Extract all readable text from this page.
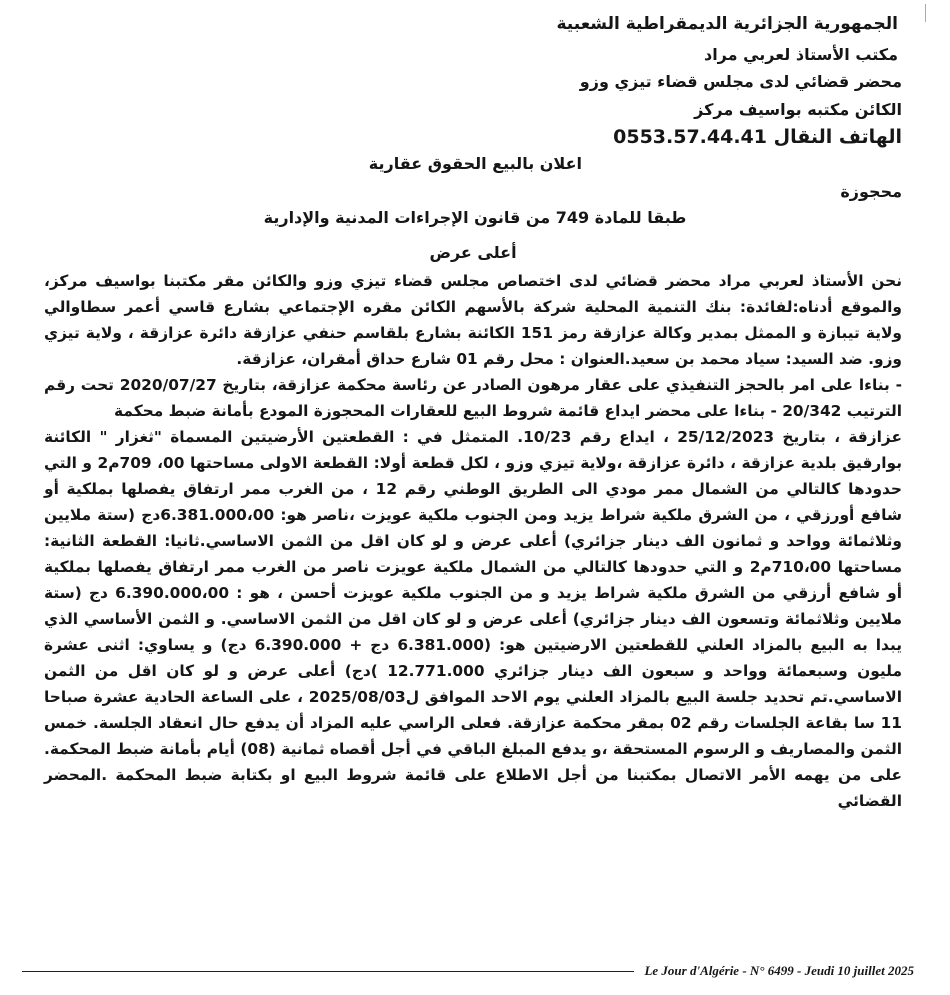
الجمهورية الجزائرية الديمقراطية الشعبية
مكتب الأستاذ لعربي مراد
محضر قضائي لدى مجلس قضاء تيزي وزو
الكائن مكتبه بواسيف مركز
الهاتف النقال 0553.57.44.41
اعلان بالبيع الحقوق عقارية
محجوزة
طبقا للمادة 749 من قانون الإجراءات المدنية والإدارية

أعلى عرض

نحن الأستاذ لعربي مراد محضر قضائي لدى اختصاص مجلس قضاء تيزي وزو والكائن مقر مكتبنا بواسيف مركز، والموقع أدناه:لفائدة: بنك التنمية المحلية شركة بالأسهم الكائن مقره الإجتماعي بشارع قاسي أعمر سطاوالي ولاية تيبازة و الممثل بمدير وكالة عزازقة رمز 151 الكائنة بشارع بلقاسم حنفي عزازقة دائرة عزازقة ، ولاية تيزي وزو. ضد السيد: سياد محمد بن سعيد.العنوان : محل رقم 01 شارع حداق أمقران، عزازقة.

- بناءا على امر بالحجز التنفيذي على عقار مرهون الصادر عن رئاسة محكمة عزازقة، بتاريخ 2020/07/27 تحت رقم الترتيب 20/342 - بناءا على محضر ايداع قائمة شروط البيع للعقارات المحجوزة المودع بأمانة ضبط محكمة

عزازقة ، بتاريخ 25/12/2023 ، ايداع رقم 10/23. المتمثل في : القطعتين الأرضيتين المسماة "ثغزار " الكائنة بوارقيق بلدية عزازقة ، دائرة عزازقة ،ولاية تيزي وزو ، لكل قطعة أولا: القطعة الاولى مساحتها 00، 709م2 و التي حدودها كالتالي من الشمال ممر مودي الى الطريق الوطني رقم 12 ، من الغرب ممر ارتفاق يفصلها بملكية أو شافع أورزقي ، من الشرق ملكية شراط يزيد ومن الجنوب ملكية عويزت ،ناصر هو: 6.381.000،00دج (ستة ملايين وثلاثمائة وواحد و ثمانون الف دينار جزائري) أعلى عرض و لو كان اقل من الثمن الاساسي.ثانيا: القطعة الثانية: مساحتها 710،00م2 و التي حدودها كالتالي من الشمال ملكية عويزت ناصر من الغرب ممر ارتفاق يفصلها بملكية أو شافع أرزقي من الشرق ملكية شراط يزيد و من الجنوب ملكية عويزت أحسن ، هو : 6.390.000،00 دج (ستة ملايين وثلاثمائة وتسعون الف دينار جزائري) أعلى عرض و لو كان اقل من الثمن الاساسي. و الثمن الأساسي الذي يبدا به البيع بالمزاد العلني للقطعتين الارضيتين هو: (6.381.000 دج + 6.390.000 دج) و يساوي: اثنى عشرة مليون وسبعمائة وواحد و سبعون الف دينار جزائري 12.771.000 )دج) أعلى عرض و لو كان اقل من الثمن الاساسي.تم تحديد جلسة البيع بالمزاد العلني يوم الاحد الموافق ل2025/08/03 ، على الساعة الحادية عشرة صباحا 11 سا بقاعة الجلسات رقم 02 بمقر محكمة عزازقة. فعلى الراسي عليه المزاد أن يدفع حال انعقاد الجلسة. خمس الثمن والمصاريف و الرسوم المستحقة ،و يدفع المبلغ الباقي في أجل أقصاه ثمانية (08) أيام بأمانة ضبط المحكمة. على من يهمه الأمر الاتصال بمكتبنا من أجل الاطلاع على قائمة شروط البيع او بكتابة ضبط المحكمة .المحضر القضائي

Le Jour d'Algérie - N° 6499 - Jeudi 10 juillet 2025
